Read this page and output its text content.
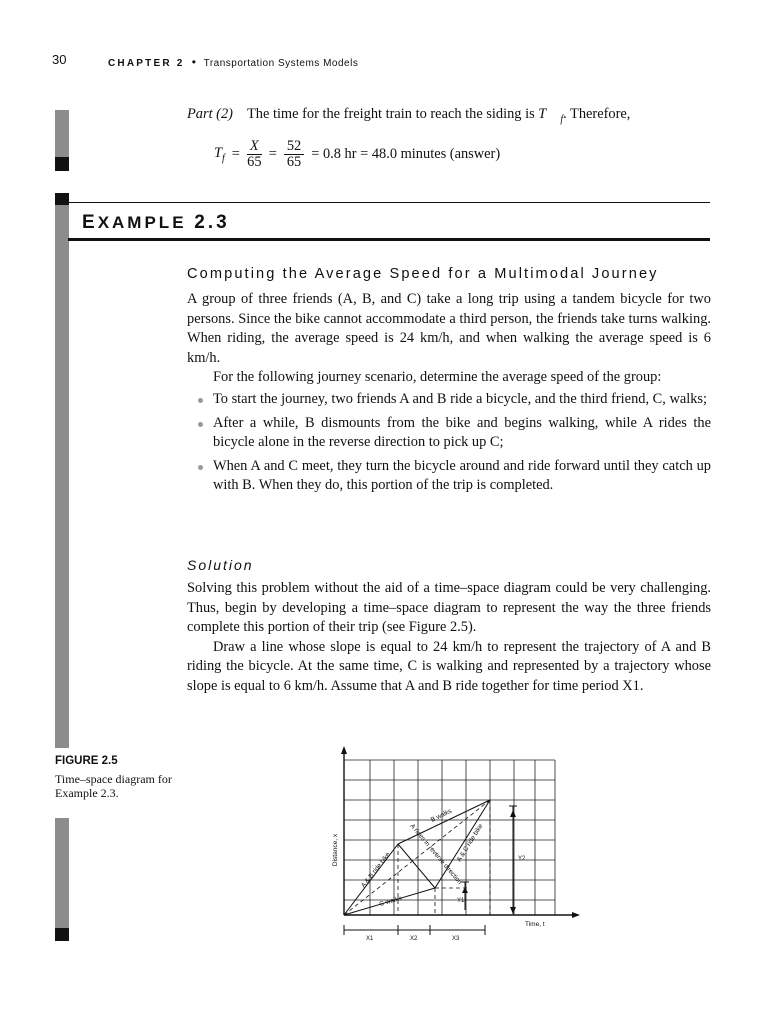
30	CHAPTER 2 • Transportation Systems Models
Part (2) The time for the freight train to reach the siding is T $_f$. Therefore,
$T_f = \frac{X}{65} = \frac{52}{65} = 0.8$ hr = 48.0 minutes (answer)
EXAMPLE 2.3
Computing the Average Speed for a Multimodal Journey

A group of three friends (A, B, and C) take a long trip using a tandem bicycle for two persons. Since the bike cannot accommodate a third person, the friends take turns walking. When riding, the average speed is 24 km/h, and when walking the average speed is 6 km/h.

For the following journey scenario, determine the average speed of the group:

To start the journey, two friends A and B ride a bicycle, and the third friend, C, walks;
After a while, B dismounts from the bike and begins walking, while A rides the bicycle alone in the reverse direction to pick up C;
When A and C meet, they turn the bicycle around and ride forward until they catch up with B. When they do, this portion of the trip is completed.
Solution

Solving this problem without the aid of a time–space diagram could be very challenging. Thus, begin by developing a time–space diagram to represent the way the three friends complete this portion of their trip (see Figure 2.5).

Draw a line whose slope is equal to 24 km/h to represent the trajectory of A and B riding the bicycle. At the same time, C is walking and represented by a trajectory whose slope is equal to 6 km/h. Assume that A and B ride together for time period X1.

FIGURE 2.5
Time–space diagram for Example 2.3.
Distance, x
Time, t
A & B ride bike
C walks
B walks
A rides in reverse direction
A & C ride bike
Y1
Y2
X1	X2	X3
